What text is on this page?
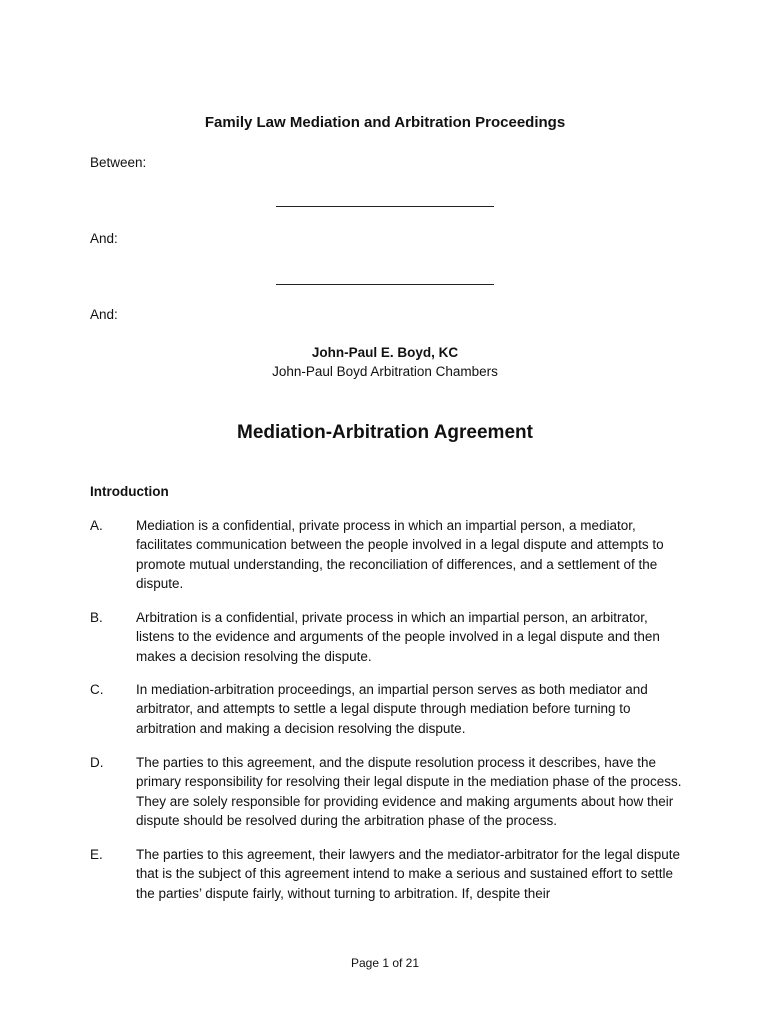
Family Law Mediation and Arbitration Proceedings
Between:
And:
And:
John-Paul E. Boyd, KC
John-Paul Boyd Arbitration Chambers
Mediation-Arbitration Agreement
Introduction
A. Mediation is a confidential, private process in which an impartial person, a mediator, facilitates communication between the people involved in a legal dispute and attempts to promote mutual understanding, the reconciliation of differences, and a settlement of the dispute.
B. Arbitration is a confidential, private process in which an impartial person, an arbitrator, listens to the evidence and arguments of the people involved in a legal dispute and then makes a decision resolving the dispute.
C. In mediation-arbitration proceedings, an impartial person serves as both mediator and arbitrator, and attempts to settle a legal dispute through mediation before turning to arbitration and making a decision resolving the dispute.
D. The parties to this agreement, and the dispute resolution process it describes, have the primary responsibility for resolving their legal dispute in the mediation phase of the process. They are solely responsible for providing evidence and making arguments about how their dispute should be resolved during the arbitration phase of the process.
E. The parties to this agreement, their lawyers and the mediator-arbitrator for the legal dispute that is the subject of this agreement intend to make a serious and sustained effort to settle the parties’ dispute fairly, without turning to arbitration. If, despite their
Page 1 of 21
